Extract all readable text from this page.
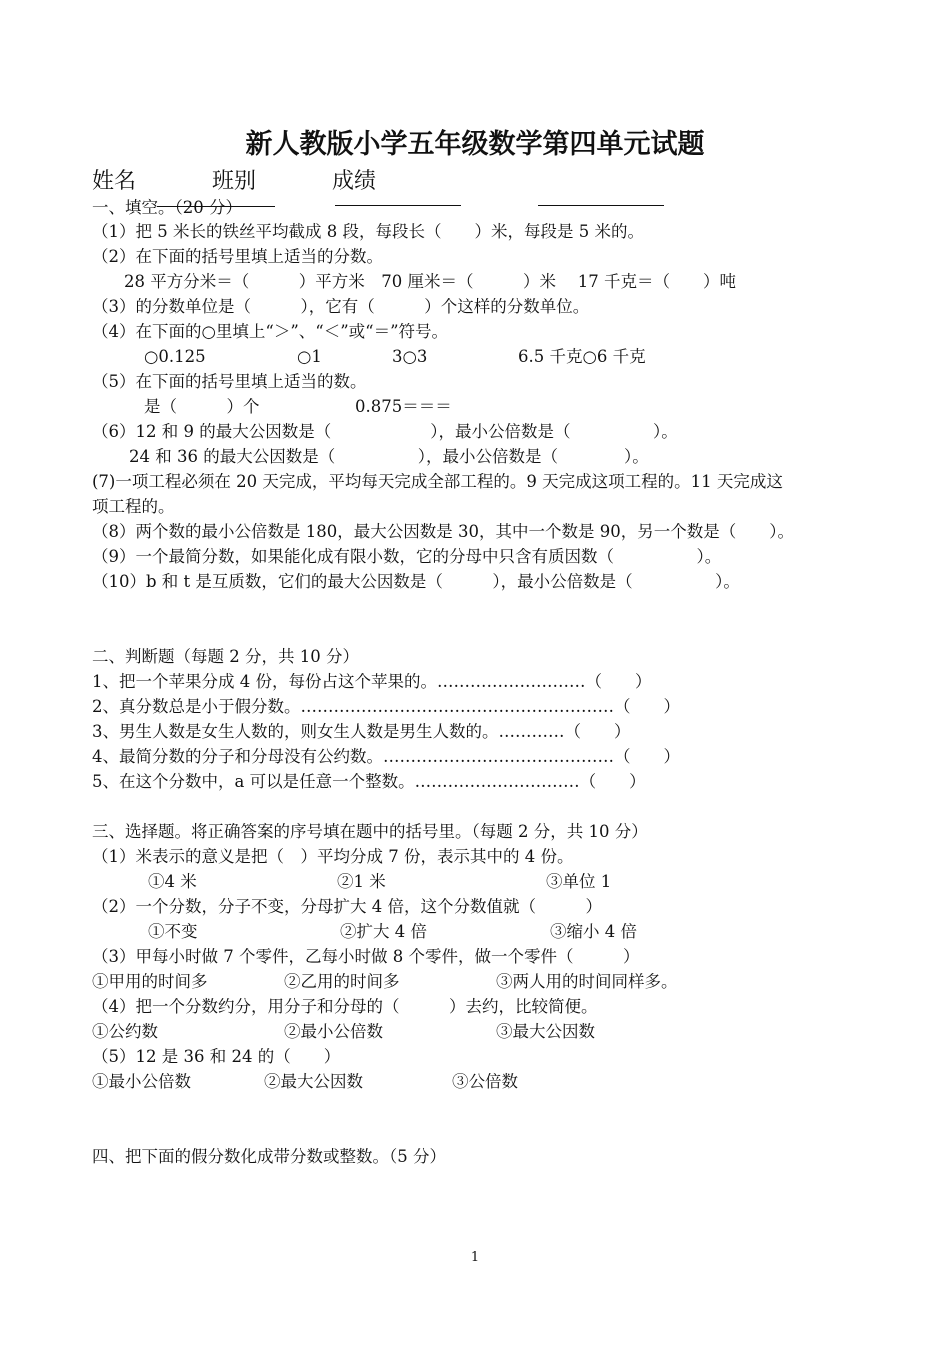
新人教版小学五年级数学第四单元试题
姓名	班别	成绩
一、填空。（20 分）
（1）把 5 米长的铁丝平均截成 8 段，每段长（　　）米，每段是 5 米的。
（2）在下面的括号里填上适当的分数。
28 平方分米＝（　　　）平方米　70 厘米＝（　　　）米　 17 千克＝（　　）吨
（3）的分数单位是（　　　），它有（　　　）个这样的分数单位。
（4）在下面的○里填上“＞”、“＜”或“＝”符号。
○0.125	○1	3○3	6.5 千克○6 千克
（5）在下面的括号里填上适当的数。
是（　　　）个	0.875＝＝＝
（6）12 和 9 的最大公因数是（　　　　　　），最小公倍数是（　　　　　）。
24 和 36 的最大公因数是（　　　　　），最小公倍数是（　　　　）。
(7)一项工程必须在 20 天完成，平均每天完成全部工程的。9 天完成这项工程的。11 天完成这
项工程的。
（8）两个数的最小公倍数是 180，最大公因数是 30，其中一个数是 90，另一个数是（　　）。
（9）一个最简分数，如果能化成有限小数，它的分母中只含有质因数（　　　　　）。
（10）b 和 t 是互质数，它们的最大公因数是（　　　），最小公倍数是（　　　　　）。
二、判断题（每题 2 分，共 10 分）
1、把一个苹果分成 4 份，每份占这个苹果的。………………………（　　）
2、真分数总是小于假分数。…………………………………………………（　　）
3、男生人数是女生人数的，则女生人数是男生人数的。…………（　　）
4、最简分数的分子和分母没有公约数。……………………………………（　　）
5、在这个分数中，a 可以是任意一个整数。…………………………（　　）
三、选择题。将正确答案的序号填在题中的括号里。（每题 2 分，共 10 分）
（1）米表示的意义是把（　）平均分成 7 份，表示其中的 4 份。
①4 米	②1 米	③单位 1
（2）一个分数，分子不变，分母扩大 4 倍，这个分数值就（　　　）
①不变	②扩大 4 倍	③缩小 4 倍
（3）甲每小时做 7 个零件，乙每小时做 8 个零件，做一个零件（　　　）
①甲用的时间多	②乙用的时间多	③两人用的时间同样多。
（4）把一个分数约分，用分子和分母的（　　　）去约，比较简便。
①公约数	②最小公倍数	③最大公因数
（5）12 是 36 和 24 的（　　）
①最小公倍数	②最大公因数	③公倍数
四、把下面的假分数化成带分数或整数。（5 分）
1
